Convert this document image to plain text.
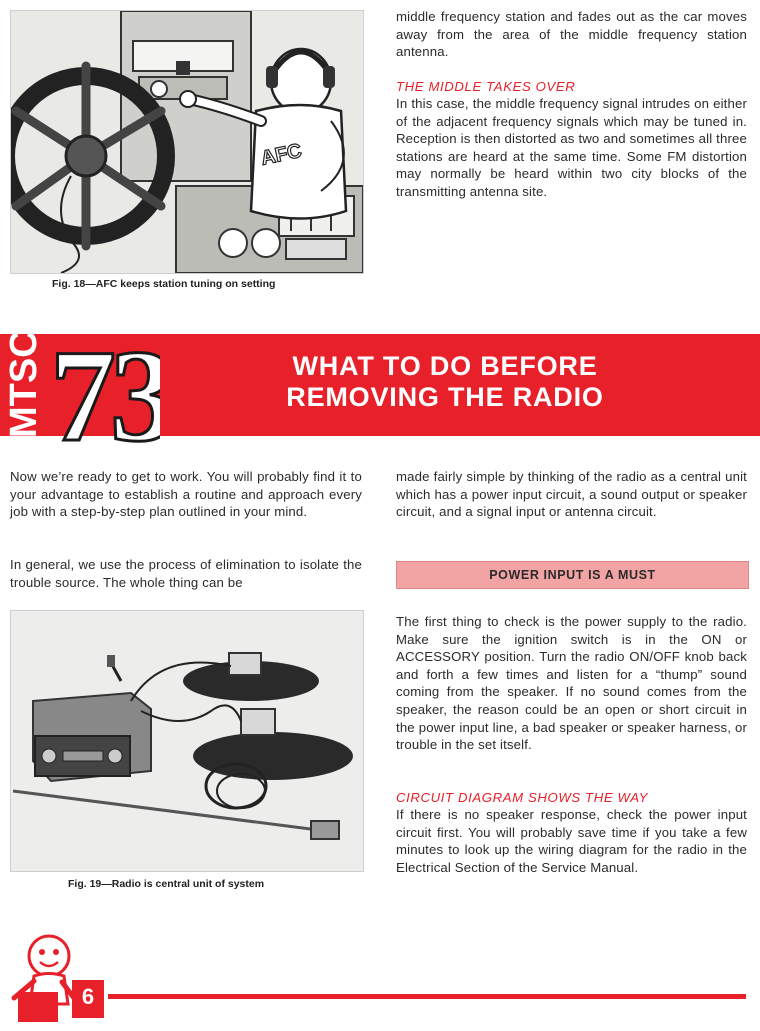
AFC
Fig. 18—AFC keeps station tuning on setting

middle frequency station and fades out as the car moves away from the area of the middle frequency station antenna.

THE MIDDLE TAKES OVER

In this case, the middle frequency signal intrudes on either of the adjacent frequency signals which may be tuned in. Reception is then distorted as two and sometimes all three stations are heard at the same time. Some FM distortion may normally be heard within two city blocks of the transmitting antenna site.

MTSC 73	WHAT TO DO BEFORE
REMOVING THE RADIO

Now we’re ready to get to work. You will probably find it to your advantage to establish a routine and approach every job with a step-by-step plan outlined in your mind.

In general, we use the process of elimination to isolate the trouble source. The whole thing can be

Fig. 19—Radio is central unit of system

made fairly simple by thinking of the radio as a central unit which has a power input circuit, a sound output or speaker circuit, and a signal input or antenna circuit.

POWER INPUT IS A MUST

The first thing to check is the power supply to the radio. Make sure the ignition switch is in the ON or ACCESSORY position. Turn the radio ON/OFF knob back and forth a few times and listen for a “thump” sound coming from the speaker. If no sound comes from the speaker, the reason could be an open or short circuit in the power input line, a bad speaker or speaker harness, or trouble in the set itself.

CIRCUIT DIAGRAM SHOWS THE WAY

If there is no speaker response, check the power input circuit first. You will probably save time if you take a few minutes to look up the wiring diagram for the radio in the Electrical Section of the Service Manual.

6
